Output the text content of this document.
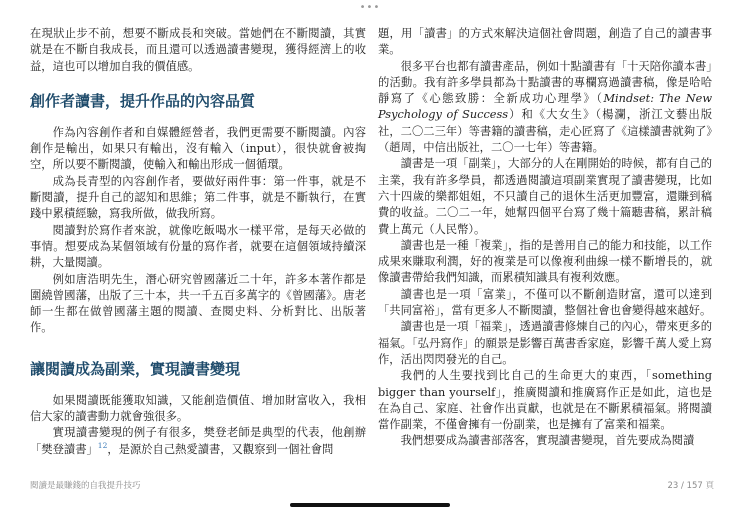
•••

在現狀止步不前，想要不斷成長和突破。當她們在不斷閱讀，其實就是在不斷自我成長，而且還可以透過讀書變現，獲得經濟上的收益，這也可以增加自我的價值感。

創作者讀書，提升作品的內容品質

作為內容創作者和自媒體經營者，我們更需要不斷閱讀。內容創作是輸出，如果只有輸出，沒有輸入（input），很快就會被掏空，所以要不斷閱讀，使輸入和輸出形成一個循環。

成為長青型的內容創作者，要做好兩件事：第一件事，就是不斷閱讀，提升自己的認知和思維；第二件事，就是不斷執行，在實踐中累積經驗，寫我所做，做我所寫。

閱讀對於寫作者來說，就像吃飯喝水一樣平常，是每天必做的事情。想要成為某個領域有份量的寫作者，就要在這個領域持續深耕，大量閱讀。

例如唐浩明先生，潛心研究曾國藩近二十年，許多本著作都是圍繞曾國藩，出版了三十本，共一千五百多萬字的《曾國藩》。唐老師一生都在做曾國藩主題的閱讀、查閱史料、分析對比、出版著作。

讓閱讀成為副業，實現讀書變現

如果閱讀既能獲取知識，又能創造價值、增加財富收入，我相信大家的讀書動力就會強很多。

實現讀書變現的例子有很多，樊登老師是典型的代表，他創辦「樊登讀書」$^{12}$，是源於自己熱愛讀書，又觀察到一個社會問

題，用「讀書」的方式來解決這個社會問題，創造了自己的讀書事業。

很多平台也都有讀書產品，例如十點讀書有「十天陪你讀本書」的活動。我有許多學員都為十點讀書的專欄寫過讀書稿，像是哈哈靜寫了《心態致勝：全新成功心理學》（Mindset: The New Psychology of Success）和《大女生》（楊瀾，浙江文藝出版社，二〇二三年）等書籍的讀書稿，走心匠寫了《這樣讀書就夠了》（趙周，中信出版社，二〇一七年）等書籍。

讀書是一項「副業」，大部分的人在剛開始的時候，都有自己的主業，我有許多學員，都透過閱讀這項副業實現了讀書變現，比如六十四歲的樂都姐姐，不只讀自己的退休生活更加豐富，還賺到稿費的收益。二〇二一年，她幫四個平台寫了幾十篇聽書稿，累計稿費上萬元（人民幣）。

讀書也是一種「複業」，指的是善用自己的能力和技能，以工作成果來賺取利潤，好的複業是可以像複利曲線一樣不斷增長的，就像讀書帶給我們知識，而累積知識具有複利效應。

讀書也是一項「富業」，不僅可以不斷創造財富，還可以達到「共同富裕」，當有更多人不斷閱讀，整個社會也會變得越來越好。

讀書也是一項「福業」，透過讀書修煉自己的內心，帶來更多的福氣。「弘丹寫作」的願景是影響百萬書香家庭，影響千萬人愛上寫作，活出閃閃發光的自己。

我們的人生要找到比自己的生命更大的東西，「something bigger than yourself」，推廣閱讀和推廣寫作正是如此，這也是在為自己、家庭、社會作出貢獻，也就是在不斷累積福氣。將閱讀當作副業，不僅會擁有一份副業，也是擁有了富業和福業。

我們想要成為讀書部落客，實現讀書變現，首先要成為閱讀

閱讀是最賺錢的自我提升技巧	23 / 157 頁
